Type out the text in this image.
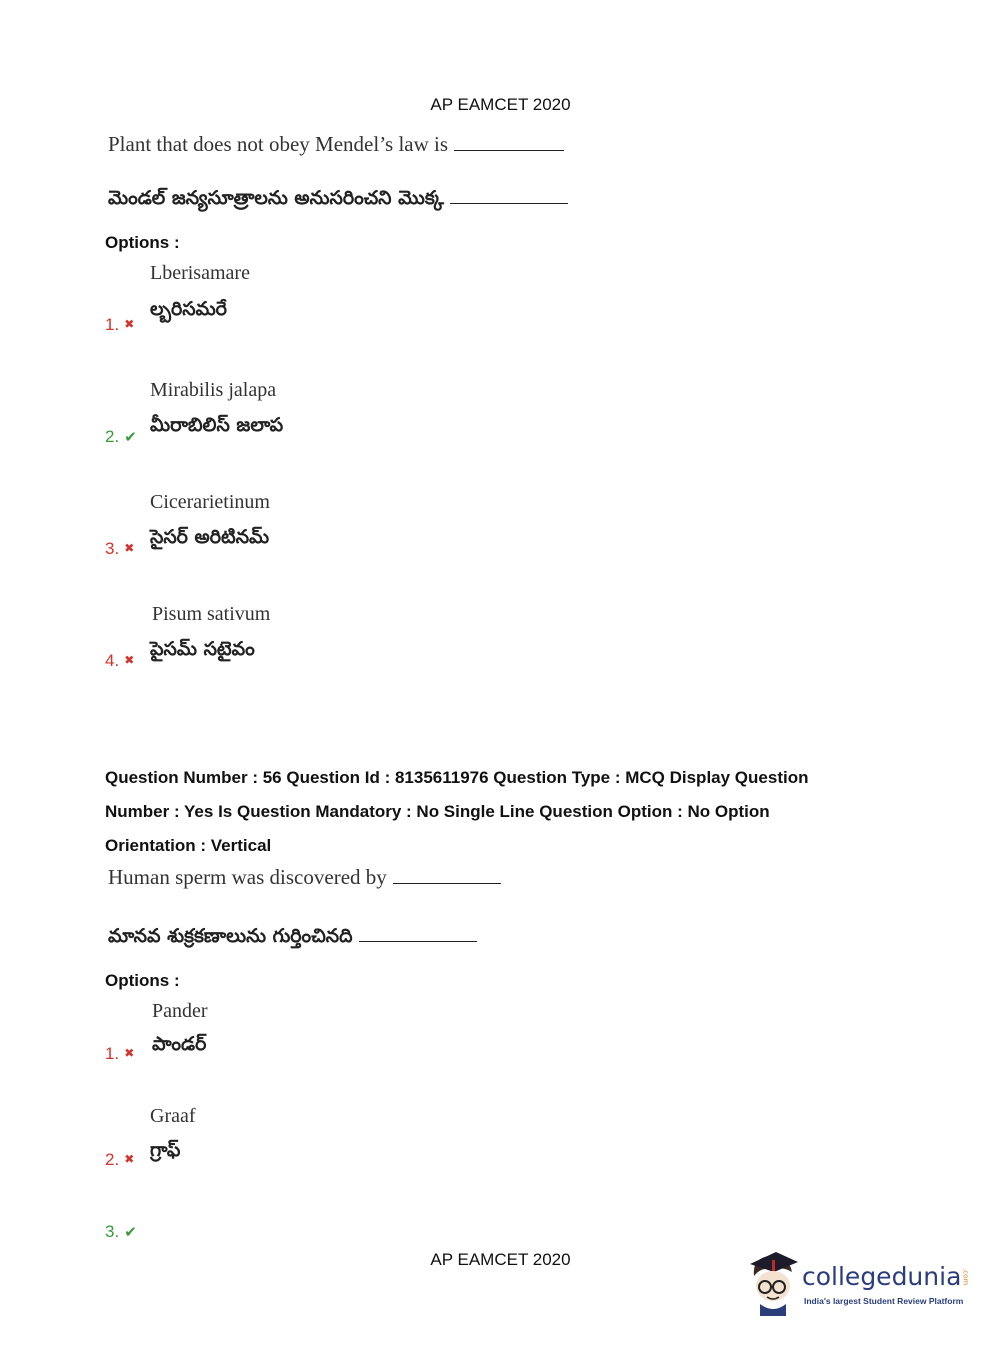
AP EAMCET 2020
Plant that does not obey Mendel’s law is
మెండల్ జన్యసూత్రాలను అనుసరించని మొక్క
Options :
Lberisamare
ల్బరిసమరే
1. ✖
Mirabilis jalapa
మీరాబిలిస్ జలాప
2. ✔
Cicerarietinum
సైసర్ అరిటినమ్
3. ✖
Pisum sativum
పైసమ్ సటైవం
4. ✖
Question Number : 56 Question Id : 8135611976 Question Type : MCQ Display Question
Number : Yes Is Question Mandatory : No Single Line Question Option : No Option
Orientation : Vertical
Human sperm was discovered by
మానవ శుక్రకణాలును గుర్తించినది
Options :
Pander
పాండర్
1. ✖
Graaf
గ్రాఫ్
2. ✖
3. ✔
AP EAMCET 2020
collegedunia.com
India's largest Student Review Platform
